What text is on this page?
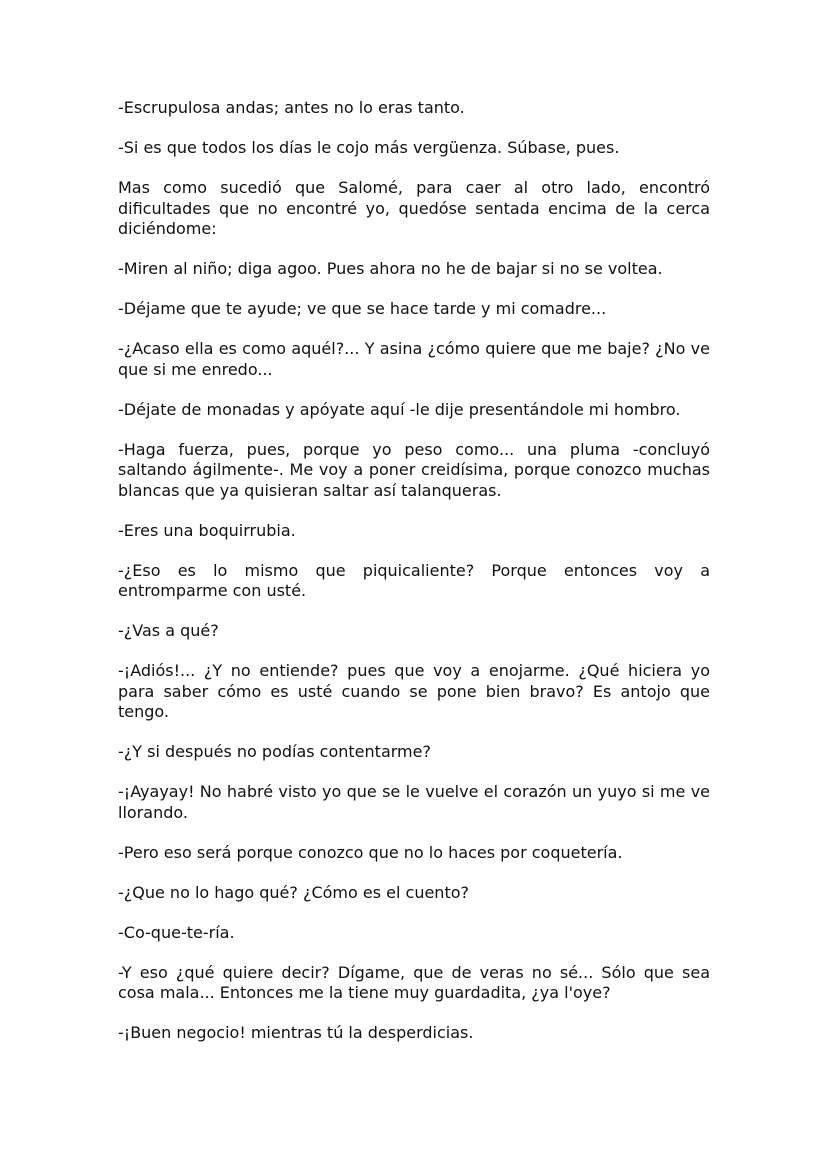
-Escrupulosa andas; antes no lo eras tanto.

-Si es que todos los días le cojo más vergüenza. Súbase, pues.

Mas como sucedió que Salomé, para caer al otro lado, encontró dificultades que no encontré yo, quedóse sentada encima de la cerca diciéndome:

-Miren al niño; diga agoo. Pues ahora no he de bajar si no se voltea.

-Déjame que te ayude; ve que se hace tarde y mi comadre...

-¿Acaso ella es como aquél?... Y asina ¿cómo quiere que me baje? ¿No ve que si me enredo...

-Déjate de monadas y apóyate aquí -le dije presentándole mi hombro.

-Haga fuerza, pues, porque yo peso como... una pluma -concluyó saltando ágilmente-. Me voy a poner creidísima, porque conozco muchas blancas que ya quisieran saltar así talanqueras.

-Eres una boquirrubia.

-¿Eso es lo mismo que piquicaliente? Porque entonces voy a entromparme con usté.

-¿Vas a qué?

-¡Adiós!... ¿Y no entiende? pues que voy a enojarme. ¿Qué hiciera yo para saber cómo es usté cuando se pone bien bravo? Es antojo que tengo.

-¿Y si después no podías contentarme?

-¡Ayayay! No habré visto yo que se le vuelve el corazón un yuyo si me ve llorando.

-Pero eso será porque conozco que no lo haces por coquetería.

-¿Que no lo hago qué? ¿Cómo es el cuento?

-Co-que-te-ría.

-Y eso ¿qué quiere decir? Dígame, que de veras no sé... Sólo que sea cosa mala... Entonces me la tiene muy guardadita, ¿ya l'oye?

-¡Buen negocio! mientras tú la desperdicias.
